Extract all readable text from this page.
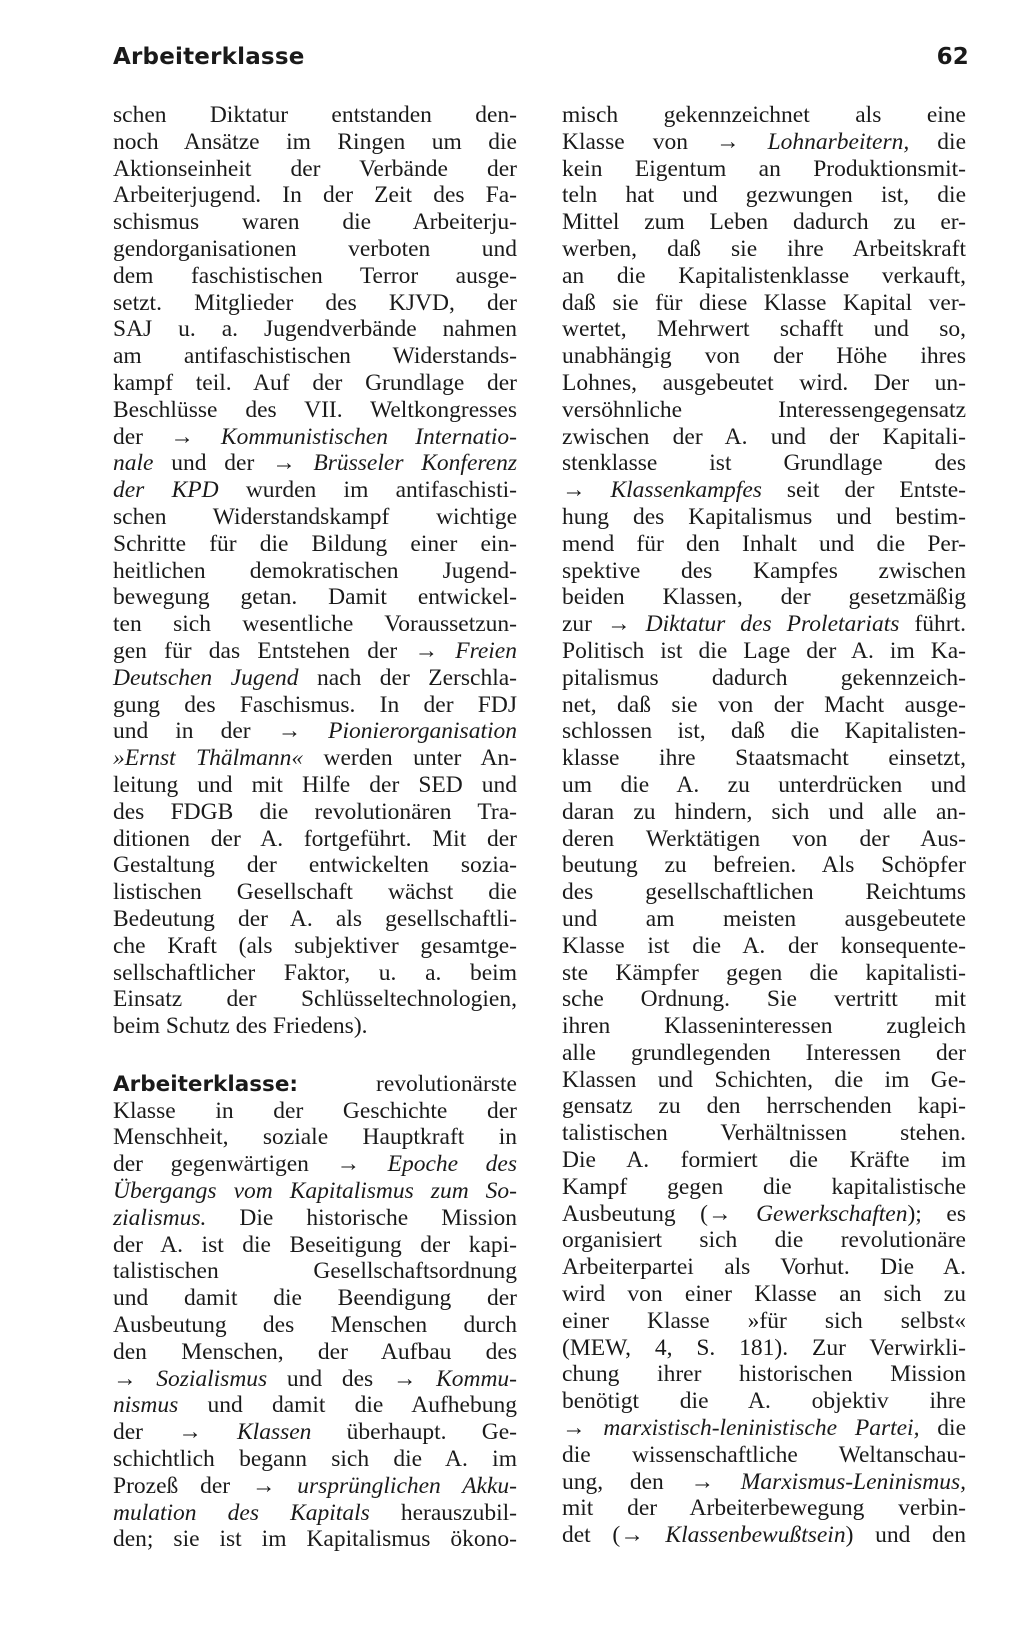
Arbeiterklasse	62
schen Diktatur entstanden den-
noch Ansätze im Ringen um die
Aktionseinheit der Verbände der
Arbeiterjugend. In der Zeit des Fa-
schismus waren die Arbeiterju-
gendorganisationen verboten und
dem faschistischen Terror ausge-
setzt. Mitglieder des KJVD, der
SAJ u. a. Jugendverbände nahmen
am antifaschistischen Widerstands-
kampf teil. Auf der Grundlage der
Beschlüsse des VII. Weltkongresses
der → Kommunistischen Internatio-
nale und der → Brüsseler Konferenz
der KPD wurden im antifaschisti-
schen Widerstandskampf wichtige
Schritte für die Bildung einer ein-
heitlichen demokratischen Jugend-
bewegung getan. Damit entwickel-
ten sich wesentliche Voraussetzun-
gen für das Entstehen der → Freien
Deutschen Jugend nach der Zerschla-
gung des Faschismus. In der FDJ
und in der → Pionierorganisation
»Ernst Thälmann« werden unter An-
leitung und mit Hilfe der SED und
des FDGB die revolutionären Tra-
ditionen der A. fortgeführt. Mit der
Gestaltung der entwickelten sozia-
listischen Gesellschaft wächst die
Bedeutung der A. als gesellschaftli-
che Kraft (als subjektiver gesamtge-
sellschaftlicher Faktor, u. a. beim
Einsatz der Schlüsseltechnologien,
beim Schutz des Friedens).
Arbeiterklasse: revolutionärste
Klasse in der Geschichte der
Menschheit, soziale Hauptkraft in
der gegenwärtigen → Epoche des
Übergangs vom Kapitalismus zum So-
zialismus. Die historische Mission
der A. ist die Beseitigung der kapi-
talistischen Gesellschaftsordnung
und damit die Beendigung der
Ausbeutung des Menschen durch
den Menschen, der Aufbau des
→ Sozialismus und des → Kommu-
nismus und damit die Aufhebung
der → Klassen überhaupt. Ge-
schichtlich begann sich die A. im
Prozeß der → ursprünglichen Akku-
mulation des Kapitals herauszubil-
den; sie ist im Kapitalismus ökono-
misch gekennzeichnet als eine
Klasse von → Lohnarbeitern, die
kein Eigentum an Produktionsmit-
teln hat und gezwungen ist, die
Mittel zum Leben dadurch zu er-
werben, daß sie ihre Arbeitskraft
an die Kapitalistenklasse verkauft,
daß sie für diese Klasse Kapital ver-
wertet, Mehrwert schafft und so,
unabhängig von der Höhe ihres
Lohnes, ausgebeutet wird. Der un-
versöhnliche Interessengegensatz
zwischen der A. und der Kapitali-
stenklasse ist Grundlage des
→ Klassenkampfes seit der Entste-
hung des Kapitalismus und bestim-
mend für den Inhalt und die Per-
spektive des Kampfes zwischen
beiden Klassen, der gesetzmäßig
zur → Diktatur des Proletariats führt.
Politisch ist die Lage der A. im Ka-
pitalismus dadurch gekennzeich-
net, daß sie von der Macht ausge-
schlossen ist, daß die Kapitalisten-
klasse ihre Staatsmacht einsetzt,
um die A. zu unterdrücken und
daran zu hindern, sich und alle an-
deren Werktätigen von der Aus-
beutung zu befreien. Als Schöpfer
des gesellschaftlichen Reichtums
und am meisten ausgebeutete
Klasse ist die A. der konsequente-
ste Kämpfer gegen die kapitalisti-
sche Ordnung. Sie vertritt mit
ihren Klasseninteressen zugleich
alle grundlegenden Interessen der
Klassen und Schichten, die im Ge-
gensatz zu den herrschenden kapi-
talistischen Verhältnissen stehen.
Die A. formiert die Kräfte im
Kampf gegen die kapitalistische
Ausbeutung (→ Gewerkschaften); es
organisiert sich die revolutionäre
Arbeiterpartei als Vorhut. Die A.
wird von einer Klasse an sich zu
einer Klasse »für sich selbst«
(MEW, 4, S. 181). Zur Verwirkli-
chung ihrer historischen Mission
benötigt die A. objektiv ihre
→ marxistisch-leninistische Partei, die
die wissenschaftliche Weltanschau-
ung, den → Marxismus-Leninismus,
mit der Arbeiterbewegung verbin-
det (→ Klassenbewußtsein) und den
